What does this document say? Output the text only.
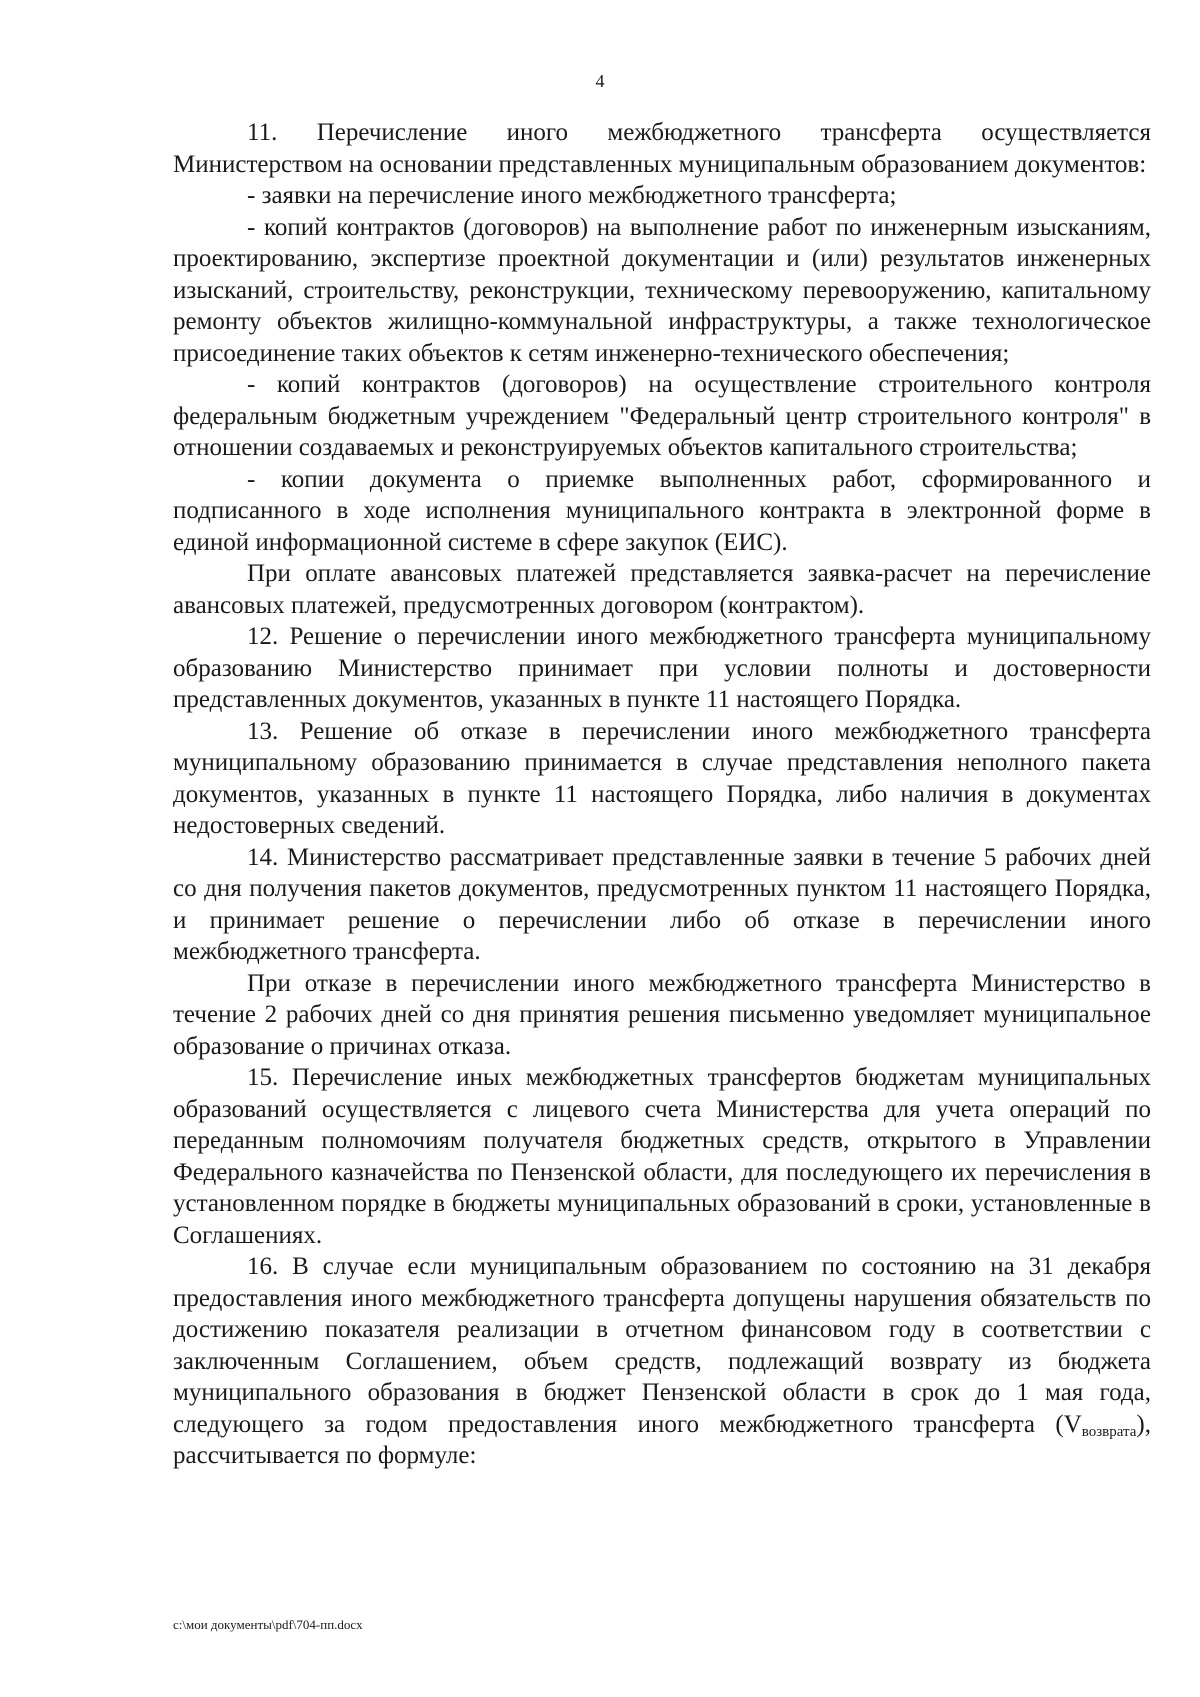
4

11. Перечисление иного межбюджетного трансферта осуществляется Министерством на основании представленных муниципальным образованием документов:

- заявки на перечисление иного межбюджетного трансферта;

- копий контрактов (договоров) на выполнение работ по инженерным изысканиям, проектированию, экспертизе проектной документации и (или) результатов инженерных изысканий, строительству, реконструкции, техническому перевооружению, капитальному ремонту объектов жилищно-коммунальной инфраструктуры, а также технологическое присоединение таких объектов к сетям инженерно-технического обеспечения;

- копий контрактов (договоров) на осуществление строительного контроля федеральным бюджетным учреждением "Федеральный центр строительного контроля" в отношении создаваемых и реконструируемых объектов капитального строительства;

- копии документа о приемке выполненных работ, сформированного и подписанного в ходе исполнения муниципального контракта в электронной форме в единой информационной системе в сфере закупок (ЕИС).

При оплате авансовых платежей представляется заявка-расчет на перечисление авансовых платежей, предусмотренных договором (контрактом).

12. Решение о перечислении иного межбюджетного трансферта муниципальному образованию Министерство принимает при условии полноты и достоверности представленных документов, указанных в пункте 11 настоящего Порядка.

13. Решение об отказе в перечислении иного межбюджетного трансферта муниципальному образованию принимается в случае представления неполного пакета документов, указанных в пункте 11 настоящего Порядка, либо наличия в документах недостоверных сведений.

14. Министерство рассматривает представленные заявки в течение 5 рабочих дней со дня получения пакетов документов, предусмотренных пунктом 11 настоящего Порядка, и принимает решение о перечислении либо об отказе в перечислении иного межбюджетного трансферта.

При отказе в перечислении иного межбюджетного трансферта Министерство в течение 2 рабочих дней со дня принятия решения письменно уведомляет муниципальное образование о причинах отказа.

15. Перечисление иных межбюджетных трансфертов бюджетам муниципальных образований осуществляется с лицевого счета Министерства для учета операций по переданным полномочиям получателя бюджетных средств, открытого в Управлении Федерального казначейства по Пензенской области, для последующего их перечисления в установленном порядке в бюджеты муниципальных образований в сроки, установленные в Соглашениях.

16. В случае если муниципальным образованием по состоянию на 31 декабря предоставления иного межбюджетного трансферта допущены нарушения обязательств по достижению показателя реализации в отчетном финансовом году в соответствии с заключенным Соглашением, объем средств, подлежащий возврату из бюджета муниципального образования в бюджет Пензенской области в срок до 1 мая года, следующего за годом предоставления иного межбюджетного трансферта $(V_{возврата})$, рассчитывается по формуле:

c:\мои документы\pdf\704-пп.docx
